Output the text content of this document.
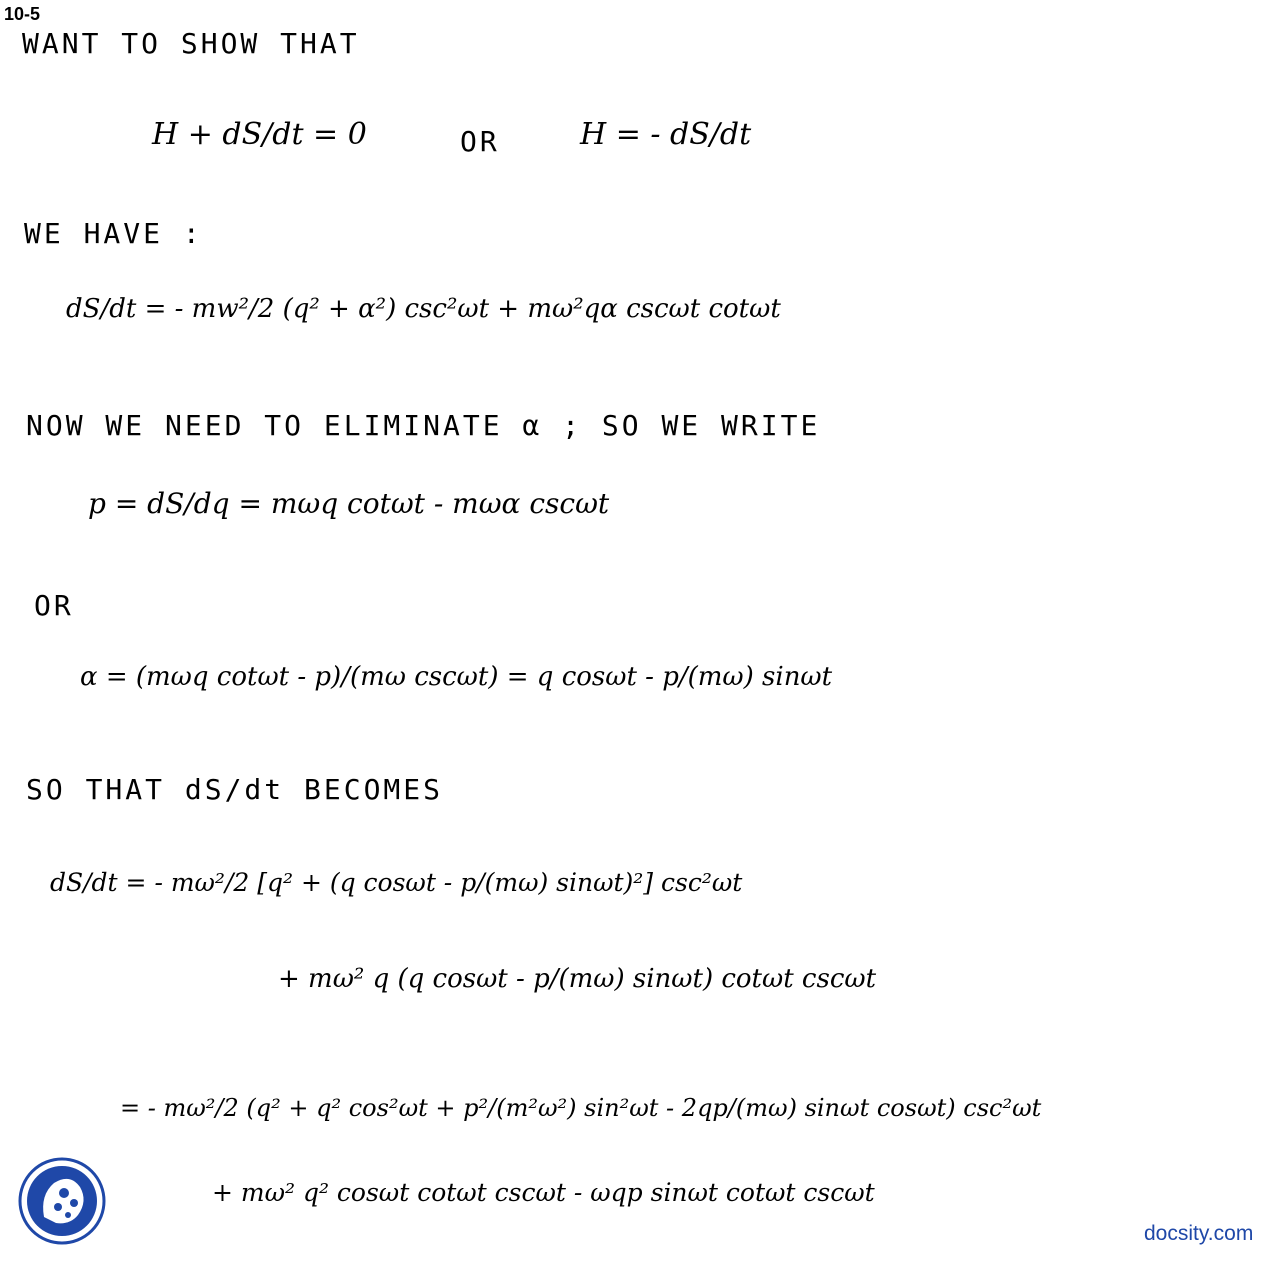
10-5
WANT TO SHOW THAT
H + dS/dt = 0	OR	H = - dS/dt
WE HAVE :
dS/dt = - mw²/2 (q² + α²) csc²ωt + mω²qα cscωt cotωt
NOW WE NEED TO ELIMINATE α ; SO WE WRITE
p = dS/dq = mωq cotωt - mωα cscωt
OR
α = (mωq cotωt - p)/(mω cscωt) = q cosωt - p/(mω) sinωt
SO THAT dS/dt BECOMES
dS/dt = - mω²/2 [q² + (q cosωt - p/(mω) sinωt)²] csc²ωt
+ mω² q (q cosωt - p/(mω) sinωt) cotωt cscωt
= - mω²/2 (q² + q² cos²ωt + p²/(m²ω²) sin²ωt - 2qp/(mω) sinωt cosωt) csc²ωt
+ mω² q² cosωt cotωt cscωt - ωqp sinωt cotωt cscωt
docsity.com
